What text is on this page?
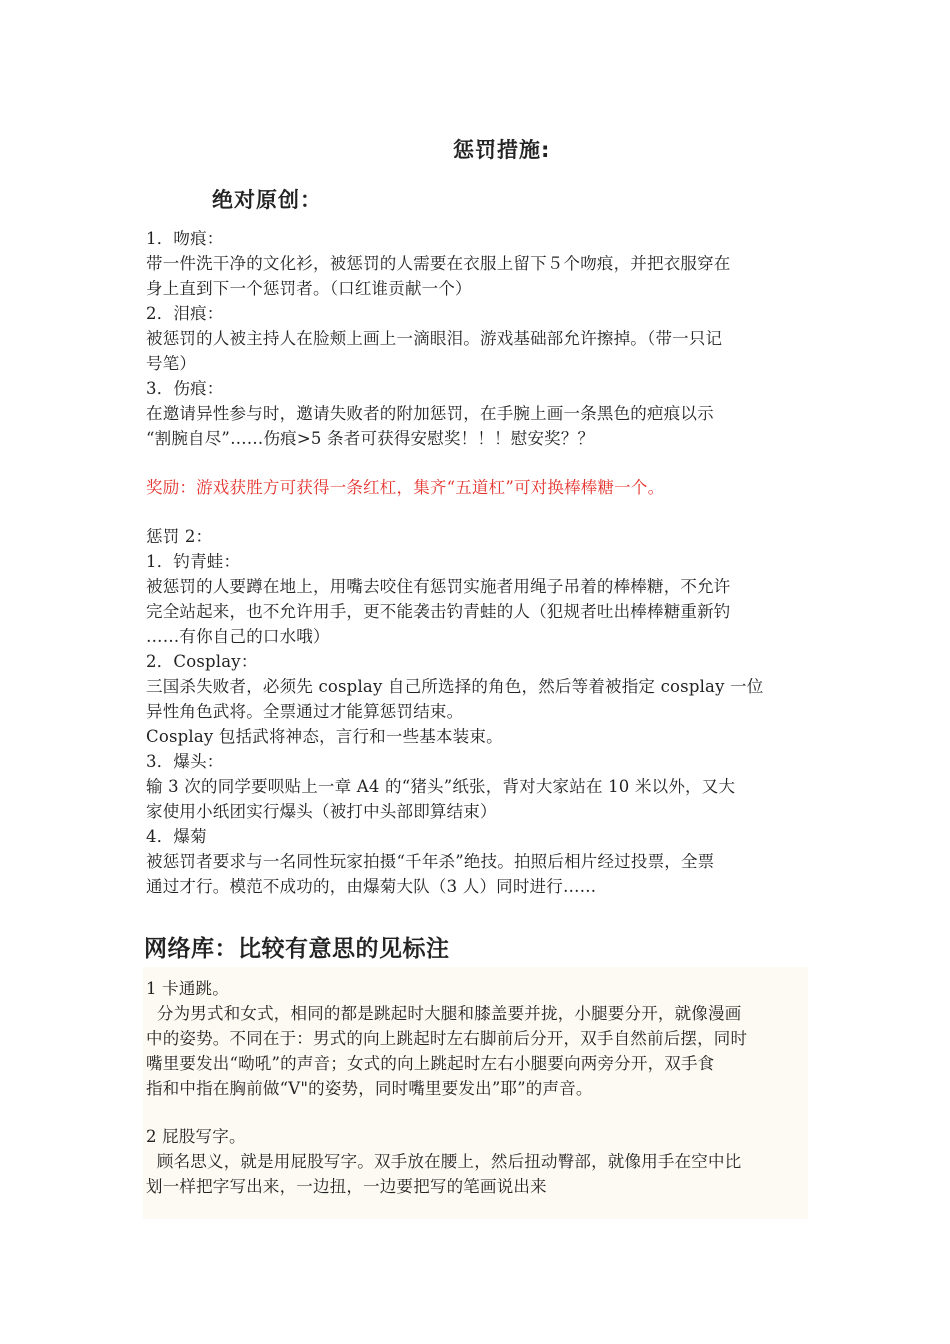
惩罚措施:
绝对原创：
1．吻痕：
带一件洗干净的文化衫，被惩罚的人需要在衣服上留下５个吻痕，并把衣服穿在
身上直到下一个惩罚者。（口红谁贡献一个）
2．泪痕：
被惩罚的人被主持人在脸颊上画上一滴眼泪。游戏基础部允许擦掉。（带一只记
号笔）
3．伤痕：
在邀请异性参与时，邀请失败者的附加惩罚，在手腕上画一条黑色的疤痕以示
“割腕自尽”……伤痕>5 条者可获得安慰奖！！！慰安奖？？
奖励：游戏获胜方可获得一条红杠，集齐“五道杠”可对换棒棒糖一个。
惩罚 2：
1．钓青蛙：
被惩罚的人要蹲在地上，用嘴去咬住有惩罚实施者用绳子吊着的棒棒糖，不允许
完全站起来，也不允许用手，更不能袭击钓青蛙的人（犯规者吐出棒棒糖重新钓
……有你自己的口水哦）
2．Cosplay：
三国杀失败者，必须先 cosplay 自己所选择的角色，然后等着被指定 cosplay 一位
异性角色武将。全票通过才能算惩罚结束。
Cosplay 包括武将神态，言行和一些基本装束。
3．爆头：
输 3 次的同学要呗贴上一章 A4 的“猪头”纸张，背对大家站在 10 米以外，又大
家使用小纸团实行爆头（被打中头部即算结束）
4．爆菊
被惩罚者要求与一名同性玩家拍摄“千年杀”绝技。拍照后相片经过投票，全票
通过才行。模范不成功的，由爆菊大队（3 人）同时进行……
网络库：比较有意思的见标注
1 卡通跳。
分为男式和女式，相同的都是跳起时大腿和膝盖要并拢，小腿要分开，就像漫画
中的姿势。不同在于：男式的向上跳起时左右脚前后分开，双手自然前后摆，同时
嘴里要发出“呦吼”的声音；女式的向上跳起时左右小腿要向两旁分开，双手食
指和中指在胸前做“V"的姿势，同时嘴里要发出”耶”的声音。
2 屁股写字。
顾名思义，就是用屁股写字。双手放在腰上，然后扭动臀部，就像用手在空中比
划一样把字写出来，一边扭，一边要把写的笔画说出来
